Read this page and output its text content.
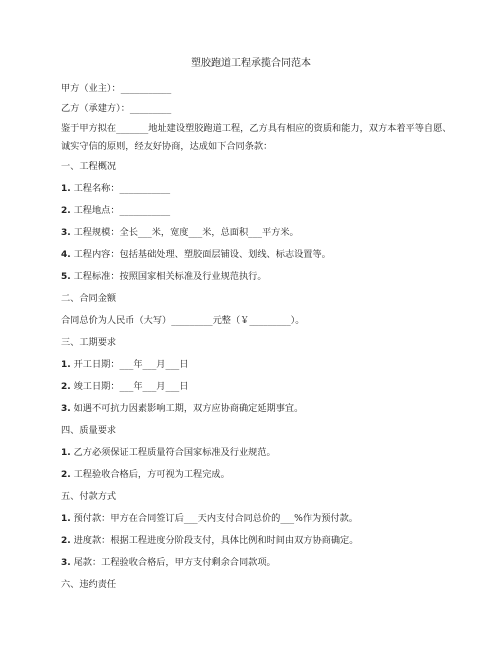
塑胶跑道工程承揽合同范本
甲方（业主）：___________
乙方（承建方）：_________
鉴于甲方拟在_______地址建设塑胶跑道工程，乙方具有相应的资质和能力，双方本着平等自愿、诚实守信的原则，经友好协商，达成如下合同条款：
一、工程概况
1. 工程名称：___________
2. 工程地点：___________
3. 工程规模：全长___米，宽度___米，总面积___平方米。
4. 工程内容：包括基础处理、塑胶面层铺设、划线、标志设置等。
5. 工程标准：按照国家相关标准及行业规范执行。
二、合同金额
合同总价为人民币（大写）_________元整（￥_________）。
三、工期要求
1. 开工日期：___年___月___日
2. 竣工日期：___年___月___日
3. 如遇不可抗力因素影响工期，双方应协商确定延期事宜。
四、质量要求
1. 乙方必须保证工程质量符合国家标准及行业规范。
2. 工程验收合格后，方可视为工程完成。
五、付款方式
1. 预付款：甲方在合同签订后___天内支付合同总价的___%作为预付款。
2. 进度款：根据工程进度分阶段支付，具体比例和时间由双方协商确定。
3. 尾款：工程验收合格后，甲方支付剩余合同款项。
六、违约责任
